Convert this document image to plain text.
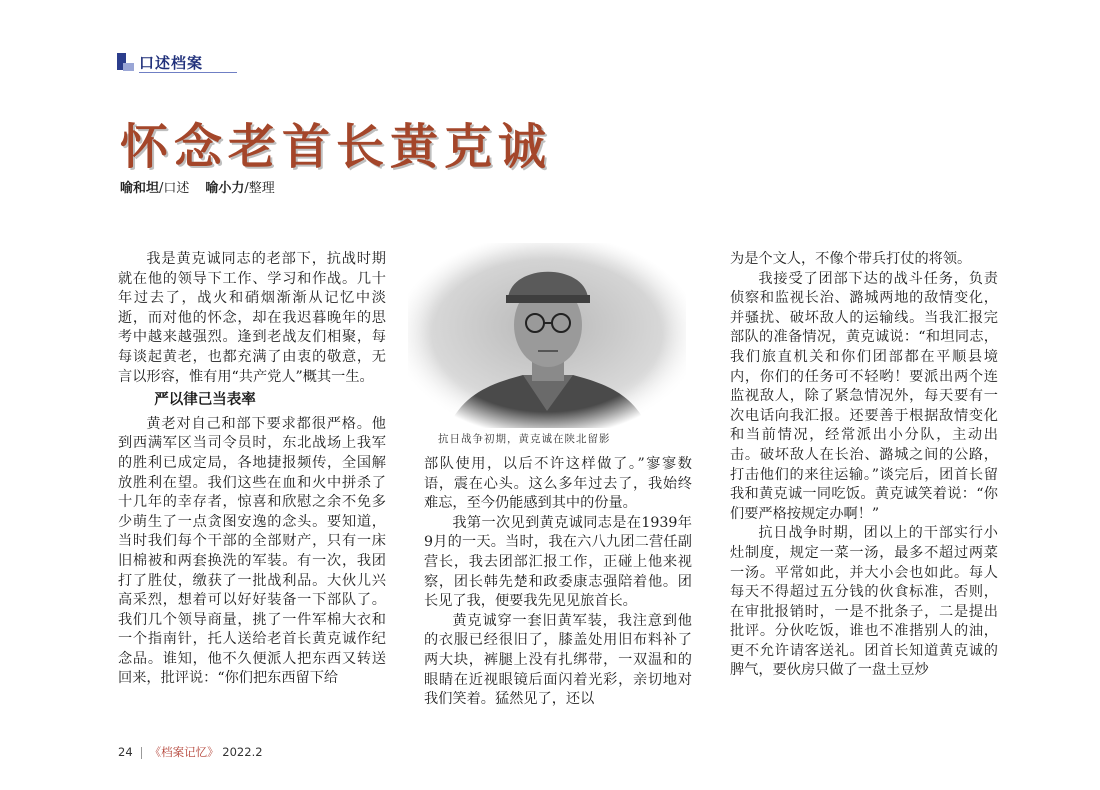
口述档案
怀念老首长黄克诚
喻和坦/口述 喻小力/整理

我是黄克诚同志的老部下，抗战时期就在他的领导下工作、学习和作战。几十年过去了，战火和硝烟渐渐从记忆中淡逝，而对他的怀念，却在我迟暮晚年的思考中越来越强烈。逢到老战友们相聚，每每谈起黄老，也都充满了由衷的敬意，无言以形容，惟有用“共产党人”概其一生。

严以律己当表率

黄老对自己和部下要求都很严格。他到西满军区当司令员时，东北战场上我军的胜利已成定局，各地捷报频传，全国解放胜利在望。我们这些在血和火中拼杀了十几年的幸存者，惊喜和欣慰之余不免多少萌生了一点贪图安逸的念头。要知道，当时我们每个干部的全部财产，只有一床旧棉被和两套换洗的军装。有一次，我团打了胜仗，缴获了一批战利品。大伙儿兴高采烈，想着可以好好装备一下部队了。我们几个领导商量，挑了一件军棉大衣和一个指南针，托人送给老首长黄克诚作纪念品。谁知，他不久便派人把东西又转送回来，批评说：“你们把东西留下给

抗日战争初期，黄克诚在陕北留影

部队使用，以后不许这样做了。”寥寥数语，震在心头。这么多年过去了，我始终难忘，至今仍能感到其中的份量。

我第一次见到黄克诚同志是在1939年9月的一天。当时，我在六八九团二营任副营长，我去团部汇报工作，正碰上他来视察，团长韩先楚和政委康志强陪着他。团长见了我，便要我先见见旅首长。

黄克诚穿一套旧黄军装，我注意到他的衣服已经很旧了，膝盖处用旧布料补了两大块，裤腿上没有扎绑带，一双温和的眼睛在近视眼镜后面闪着光彩，亲切地对我们笑着。猛然见了，还以

为是个文人，不像个带兵打仗的将领。

我接受了团部下达的战斗任务，负责侦察和监视长治、潞城两地的敌情变化，并骚扰、破坏敌人的运输线。当我汇报完部队的准备情况，黄克诚说：“和坦同志，我们旅直机关和你们团部都在平顺县境内，你们的任务可不轻哟！要派出两个连监视敌人，除了紧急情况外，每天要有一次电话向我汇报。还要善于根据敌情变化和当前情况，经常派出小分队，主动出击。破坏敌人在长治、潞城之间的公路，打击他们的来往运输。”谈完后，团首长留我和黄克诚一同吃饭。黄克诚笑着说：“你们要严格按规定办啊！”

抗日战争时期，团以上的干部实行小灶制度，规定一菜一汤，最多不超过两菜一汤。平常如此，并大小会也如此。每人每天不得超过五分钱的伙食标准，否则，在审批报销时，一是不批条子，二是提出批评。分伙吃饭，谁也不准揩别人的油，更不允许请客送礼。团首长知道黄克诚的脾气，要伙房只做了一盘土豆炒

24 《档案记忆》 2022.2
